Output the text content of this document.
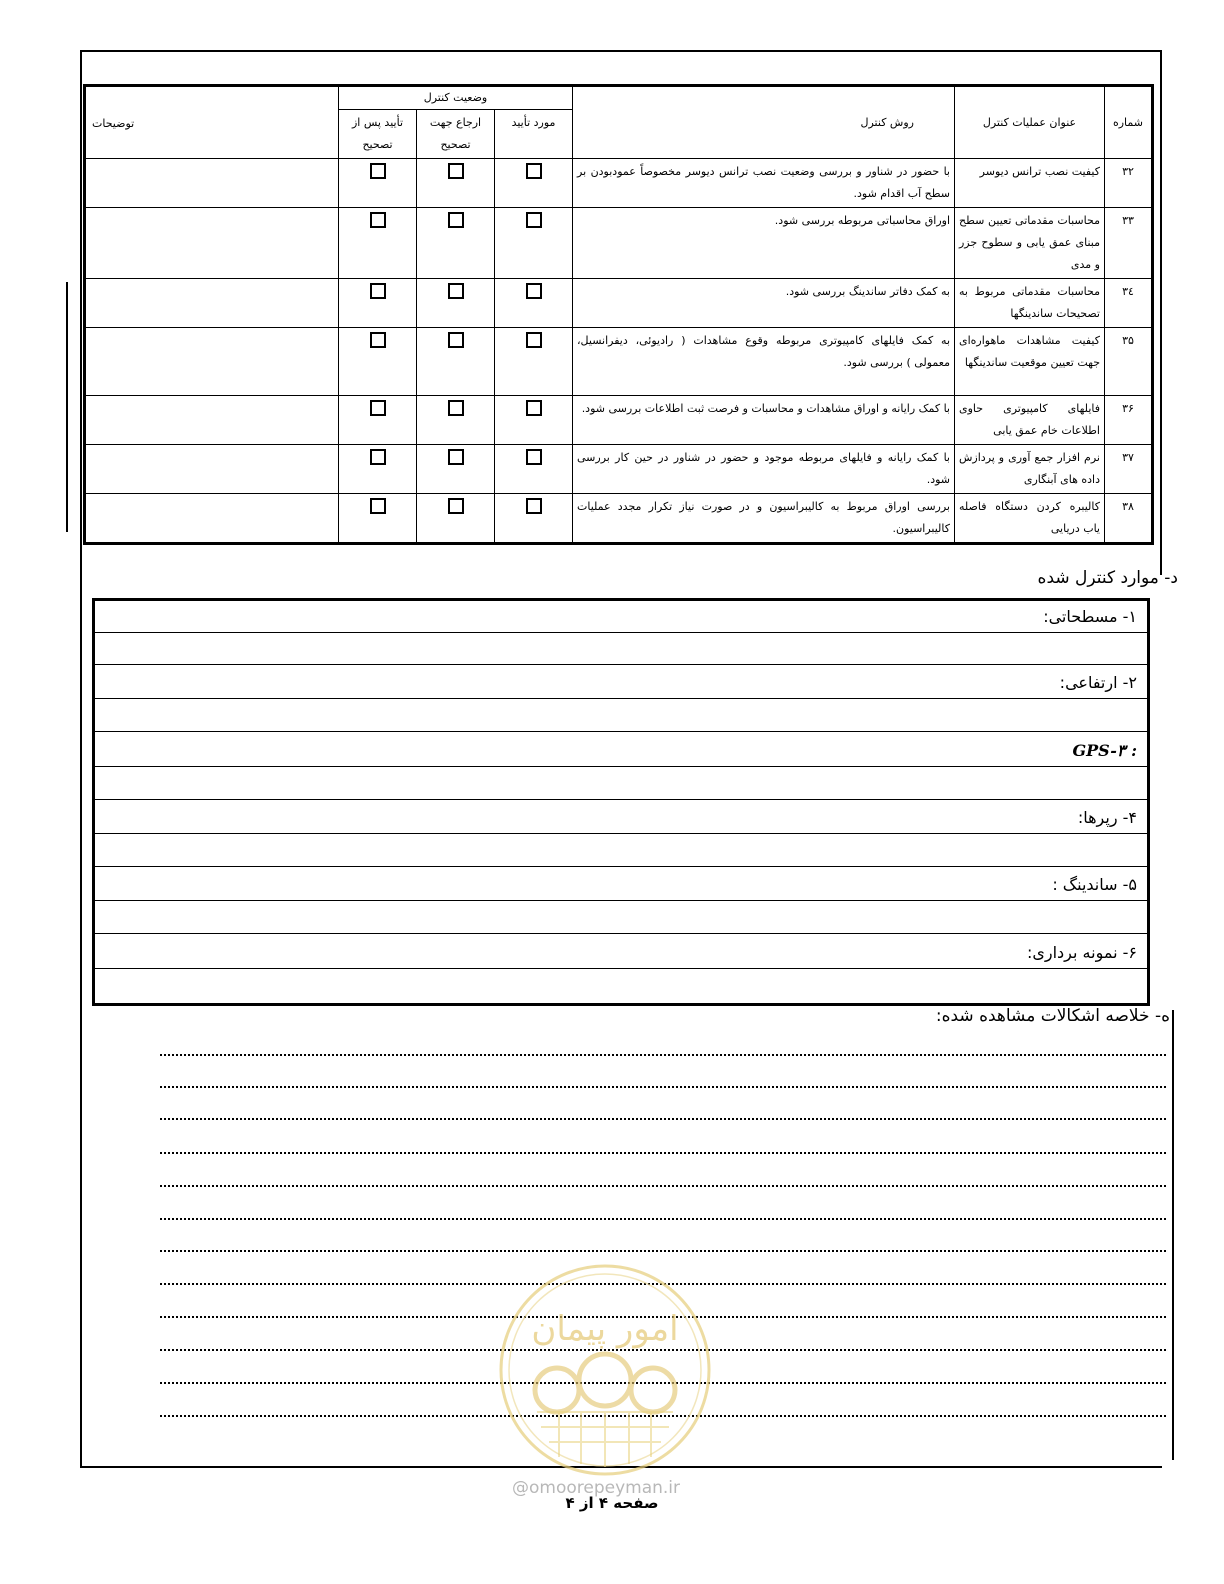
شماره	عنوان عملیات کنترل	روش کنترل	وضعیت کنترل			توضیحات
			مورد تأیید	ارجاع جهت تصحیح	تأیید پس از تصحیح	
۳۲	کیفیت نصب ترانس دیوسر	با حضور در شناور و بررسی وضعیت نصب ترانس دیوسر مخصوصاً عمودبودن بر سطح آب اقدام شود.				
۳۳	محاسبات مقدماتی تعیین سطح مبنای عمق یابی و سطوح جزر و مدی	اوراق محاسباتی مربوطه بررسی شود.				
۳٤	محاسبات مقدماتی مربوط به تصحیحات ساندینگها	به کمک دفاتر ساندینگ بررسی شود.				
۳۵	کیفیت مشاهدات ماهواره‌ای جهت تعیین موقعیت ساندینگها	به کمک فایلهای کامپیوتری مربوطه وقوع مشاهدات ( رادیوئی، دیفرانسیل، معمولی ) بررسی شود.				
۳۶	فایلهای کامپیوتری حاوی اطلاعات خام عمق یابی	با کمک رایانه و اوراق مشاهدات و محاسبات و فرصت ثبت اطلاعات بررسی شود.				
۳۷	نرم افزار جمع آوری و پردازش داده های آبنگاری	با کمک رایانه و فایلهای مربوطه موجود و حضور در شناور در حین کار بررسی شود.				
۳۸	کالیبره کردن دستگاه فاصله یاب دریایی	بررسی اوراق مربوط به کالیبراسیون و در صورت نیاز تکرار مجدد عملیات کالیبراسیون.				
د- موارد کنترل شده
۱- مسطحاتی:
۲- ارتفاعی:
: GPS-۳
۴- رپرها:
۵- ساندینگ :
۶- نمونه برداری:
ه- خلاصه اشکالات مشاهده شده:
امور پیمان
@omoorepeyman.ir
صفحه ۴ از ۴
